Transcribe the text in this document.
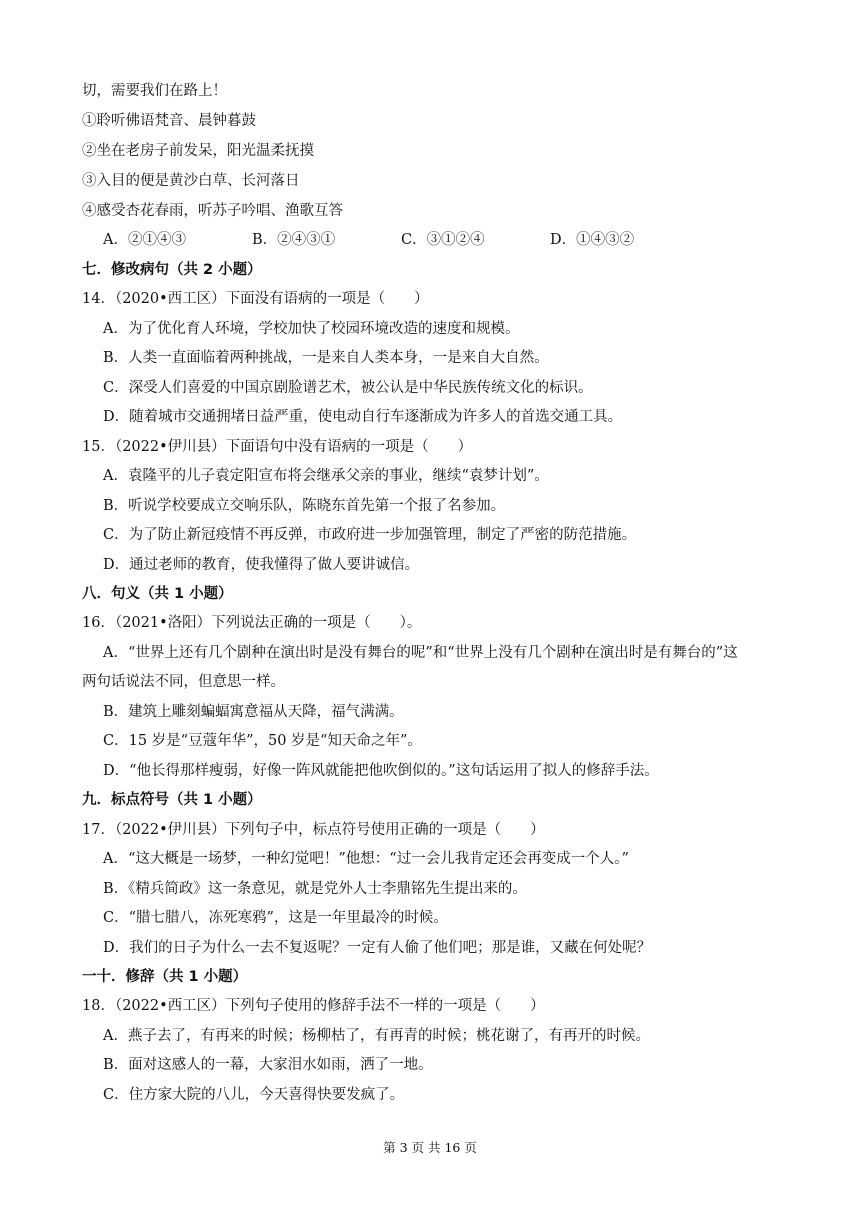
切，需要我们在路上！
①聆听佛语梵音、晨钟暮鼓
②坐在老房子前发呆，阳光温柔抚摸
③入目的便是黄沙白草、长河落日
④感受杏花春雨，听苏子吟唱、渔歌互答
A．②①④③	B．②④③①	C．③①②④	D．①④③②
七．修改病句（共 2 小题）
14．（2020•西工区）下面没有语病的一项是（　　）
A．为了优化育人环境，学校加快了校园环境改造的速度和规模。
B．人类一直面临着两种挑战，一是来自人类本身，一是来自大自然。
C．深受人们喜爱的中国京剧脸谱艺术，被公认是中华民族传统文化的标识。
D．随着城市交通拥堵日益严重，使电动自行车逐渐成为许多人的首选交通工具。
15．（2022•伊川县）下面语句中没有语病的一项是（　　）
A．袁隆平的儿子袁定阳宣布将会继承父亲的事业，继续“袁梦计划”。
B．听说学校要成立交响乐队，陈晓东首先第一个报了名参加。
C．为了防止新冠疫情不再反弹，市政府进一步加强管理，制定了严密的防范措施。
D．通过老师的教育，使我懂得了做人要讲诚信。
八．句义（共 1 小题）
16．（2021•洛阳）下列说法正确的一项是（　　）。
A．“世界上还有几个剧种在演出时是没有舞台的呢”和“世界上没有几个剧种在演出时是有舞台的”这
两句话说法不同，但意思一样。
B．建筑上雕刻蝙蝠寓意福从天降，福气满满。
C．15 岁是“豆蔻年华”，50 岁是“知天命之年”。
D．“他长得那样瘦弱，好像一阵风就能把他吹倒似的。”这句话运用了拟人的修辞手法。
九．标点符号（共 1 小题）
17．（2022•伊川县）下列句子中，标点符号使用正确的一项是（　　）
A．“这大概是一场梦，一种幻觉吧！”他想：“过一会儿我肯定还会再变成一个人。”
B．《精兵简政》这一条意见，就是党外人士李鼎铭先生提出来的。
C．“腊七腊八，冻死寒鸦”，这是一年里最冷的时候。
D．我们的日子为什么一去不复返呢？一定有人偷了他们吧；那是谁，又藏在何处呢？
一十．修辞（共 1 小题）
18．（2022•西工区）下列句子使用的修辞手法不一样的一项是（　　）
A．燕子去了，有再来的时候；杨柳枯了，有再青的时候；桃花谢了，有再开的时候。
B．面对这感人的一幕，大家泪水如雨，洒了一地。
C．住方家大院的八儿，今天喜得快要发疯了。
第 3 页 共 16 页
